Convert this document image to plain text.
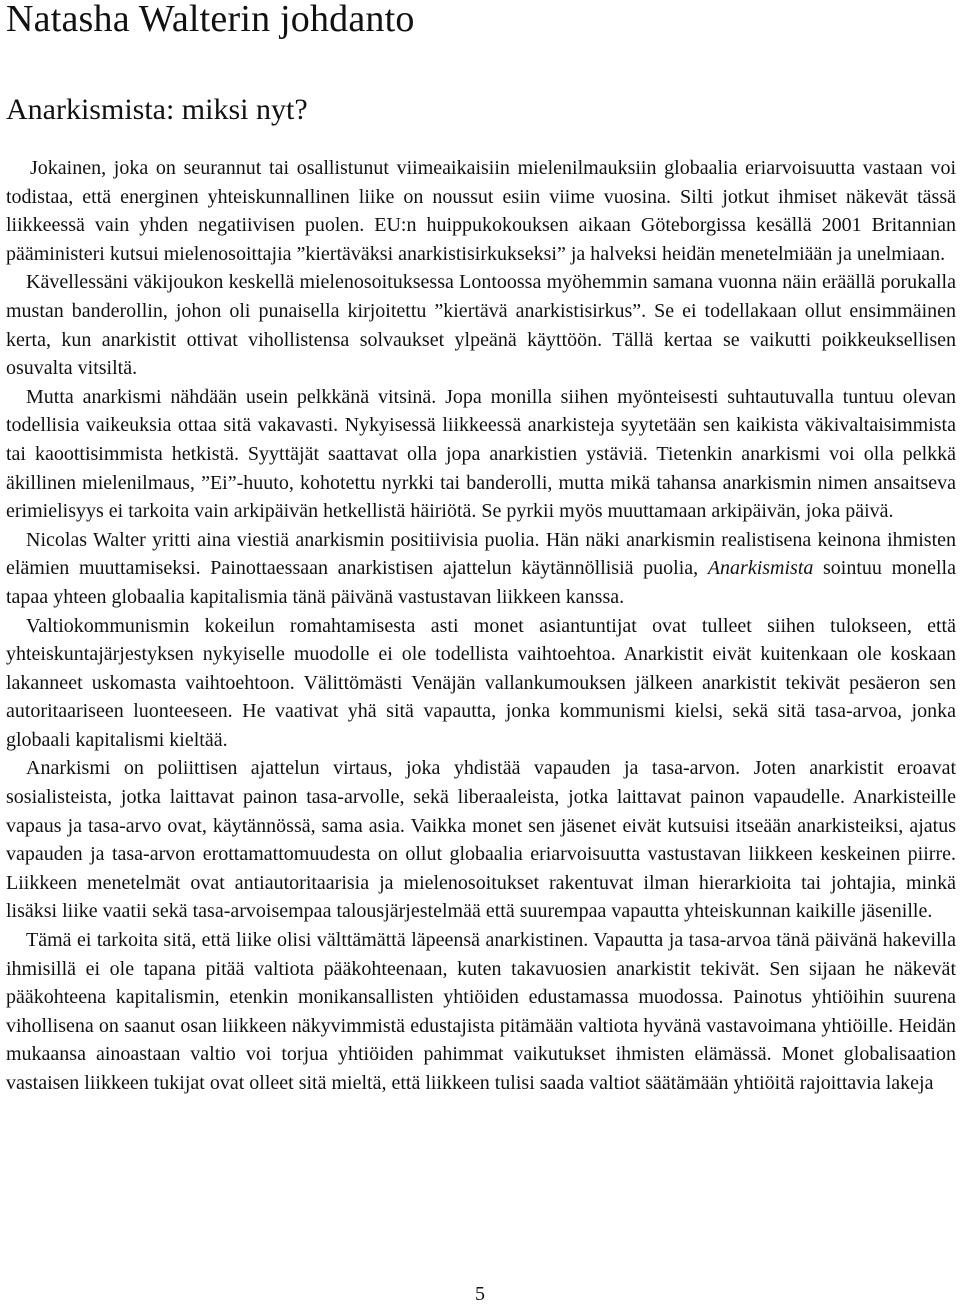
Natasha Walterin johdanto
Anarkismista: miksi nyt?

Jokainen, joka on seurannut tai osallistunut viimeaikaisiin mielenilmauksiin globaalia eriarvoisuutta vastaan voi todistaa, että energinen yhteiskunnallinen liike on noussut esiin viime vuosina. Silti jotkut ihmiset näkevät tässä liikkeessä vain yhden negatiivisen puolen. EU:n huippukokouksen aikaan Göteborgissa kesällä 2001 Britannian pääministeri kutsui mielenosoittajia ”kiertäväksi anarkistisirkukseksi” ja halveksi heidän menetelmiään ja unelmiaan.

Kävellessäni väkijoukon keskellä mielenosoituksessa Lontoossa myöhemmin samana vuonna näin eräällä porukalla mustan banderollin, johon oli punaisella kirjoitettu ”kiertävä anarkistisirkus”. Se ei todellakaan ollut ensimmäinen kerta, kun anarkistit ottivat vihollistensa solvaukset ylpeänä käyttöön. Tällä kertaa se vaikutti poikkeuksellisen osuvalta vitsiltä.

Mutta anarkismi nähdään usein pelkkänä vitsinä. Jopa monilla siihen myönteisesti suhtautuvalla tuntuu olevan todellisia vaikeuksia ottaa sitä vakavasti. Nykyisessä liikkeessä anarkisteja syytetään sen kaikista väkivaltaisimmista tai kaoottisimmista hetkistä. Syyttäjät saattavat olla jopa anarkistien ystäviä. Tietenkin anarkismi voi olla pelkkä äkillinen mielenilmaus, ”Ei”-huuto, kohotettu nyrkki tai banderolli, mutta mikä tahansa anarkismin nimen ansaitseva erimielisyys ei tarkoita vain arkipäivän hetkellistä häiriötä. Se pyrkii myös muuttamaan arkipäivän, joka päivä.

Nicolas Walter yritti aina viestiä anarkismin positiivisia puolia. Hän näki anarkismin realistisena keinona ihmisten elämien muuttamiseksi. Painottaessaan anarkistisen ajattelun käytännöllisiä puolia, Anarkismista sointuu monella tapaa yhteen globaalia kapitalismia tänä päivänä vastustavan liikkeen kanssa.

Valtiokommunismin kokeilun romahtamisesta asti monet asiantuntijat ovat tulleet siihen tulokseen, että yhteiskuntajärjestyksen nykyiselle muodolle ei ole todellista vaihtoehtoa. Anarkistit eivät kuitenkaan ole koskaan lakanneet uskomasta vaihtoehtoon. Välittömästi Venäjän vallankumouksen jälkeen anarkistit tekivät pesäeron sen autoritaariseen luonteeseen. He vaativat yhä sitä vapautta, jonka kommunismi kielsi, sekä sitä tasa-arvoa, jonka globaali kapitalismi kieltää.

Anarkismi on poliittisen ajattelun virtaus, joka yhdistää vapauden ja tasa-arvon. Joten anarkistit eroavat sosialisteista, jotka laittavat painon tasa-arvolle, sekä liberaaleista, jotka laittavat painon vapaudelle. Anarkisteille vapaus ja tasa-arvo ovat, käytännössä, sama asia. Vaikka monet sen jäsenet eivät kutsuisi itseään anarkisteiksi, ajatus vapauden ja tasa-arvon erottamattomuudesta on ollut globaalia eriarvoisuutta vastustavan liikkeen keskeinen piirre. Liikkeen menetelmät ovat antiautoritaarisia ja mielenosoitukset rakentuvat ilman hierarkioita tai johtajia, minkä lisäksi liike vaatii sekä tasa-arvoisempaa talousjärjestelmää että suurempaa vapautta yhteiskunnan kaikille jäsenille.

Tämä ei tarkoita sitä, että liike olisi välttämättä läpeensä anarkistinen. Vapautta ja tasa-arvoa tänä päivänä hakevilla ihmisillä ei ole tapana pitää valtiota pääkohteenaan, kuten takavuosien anarkistit tekivät. Sen sijaan he näkevät pääkohteena kapitalismin, etenkin monikansallisten yhtiöiden edustamassa muodossa. Painotus yhtiöihin suurena vihollisena on saanut osan liikkeen näkyvimmistä edustajista pitämään valtiota hyvänä vastavoimana yhtiöille. Heidän mukaansa ainoastaan valtio voi torjua yhtiöiden pahimmat vaikutukset ihmisten elämässä. Monet globalisaation vastaisen liikkeen tukijat ovat olleet sitä mieltä, että liikkeen tulisi saada valtiot säätämään yhtiöitä rajoittavia lakeja

5
